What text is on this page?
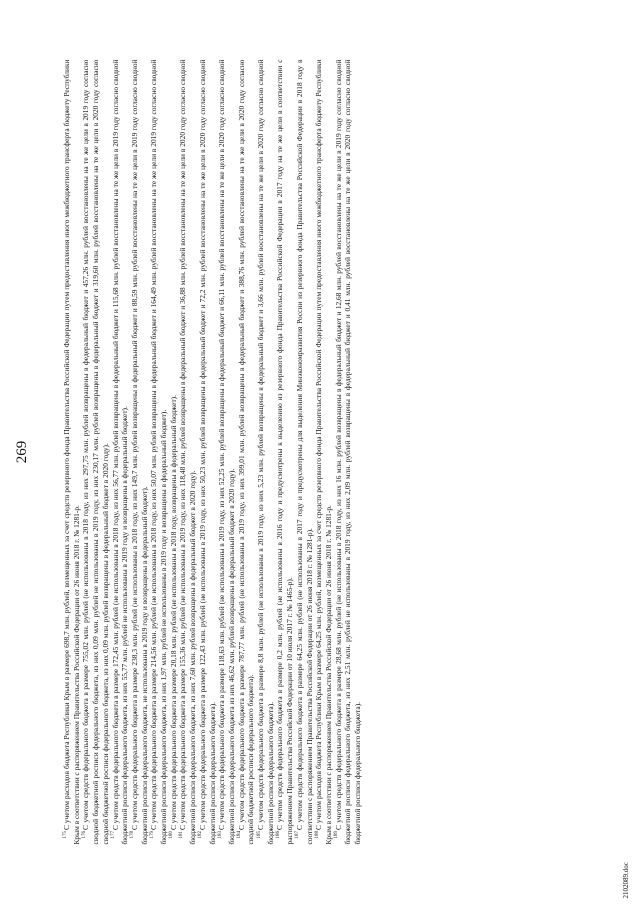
269

$^{175}$С учетом расходов бюджета Республики Крым в размере 698,7 млн. рублей, возмещенных за счет средств резервного фонда Правительства Российской Федерации путем предоставления иного межбюджетного трансферта бюджету Республики Крым в соответствии с распоряжением Правительства Российской Федерации от 26 июня 2018 г. № 1281-р. $^{176}$С учетом средств федерального бюджета в размере 755,02 млн. рублей (не использованы в 2018 году, из них 297,75 млн. рублей возвращены в федеральный бюджет и 457,26 млн. рублей восстановлены на те же цели в 2019 году согласно сводной бюджетной росписи федерального бюджета, из них 0,09 млн. рублей не использованы в 2019 году, из них 230,17 млн. рублей возвращены в федеральный бюджет и 319,60 млн. рублей восстановлены на те же цели в 2020 году согласно сводной бюджетной росписи федерального бюджета, из них 0,09 млн. рублей возвращены в федеральный бюджет в 2020 году). $^{177}$С учетом средств федерального бюджета в размере 172,45 млн. рублей (не использованы в 2018 году, из них 56,77 млн. рублей возвращены в федеральный бюджет и 115,68 млн. рублей восстановлены на те же цели в 2019 году согласно сводной бюджетной росписи федерального бюджета, из них 55,77 млн. рублей не использованы в 2019 году и возвращены в федеральный бюджет). $^{178}$С учетом средств федерального бюджета в размере 238,3 млн. рублей (не использованы в 2018 году, из них 149,7 млн. рублей возвращены в федеральный бюджет и 88,59 млн. рублей восстановлены на те же цели в 2019 году согласно сводной бюджетной росписи федерального бюджета, не использованы в 2019 году и возвращены в федеральный бюджет). $^{179}$С учетом средств федерального бюджета в размере 214,56 млн. рублей (не использованы в 2018 году, из них 50,07 млн. рублей возвращены в федеральный бюджет и 164,49 млн. рублей восстановлены на те же цели в 2019 году согласно сводной бюджетной росписи федерального бюджета, из них 1,97 млн. рублей не использованы в 2019 году и возвращены в федеральный бюджет). $^{180}$С учетом средств федерального бюджета в размере 20,18 млн. рублей (не использованы в 2018 году, возвращены в федеральный бюджет).

$^{181}$С учетом средств федерального бюджета в размере 155,36 млн. рублей (не использованы в 2019 году, из них 118,48 млн. рублей возвращены в федеральный бюджет и 36,88 млн. рублей восстановлены на те же цели в 2020 году согласно сводной бюджетной росписи федерального бюджета, из них 7,60 млн. рублей возвращены в федеральный бюджет в 2020 году). $^{182}$С учетом средств федерального бюджета в размере 122,43 млн. рублей (не использованы в 2019 году, из них 50,23 млн. рублей возвращены в федеральный бюджет и 72,2 млн. рублей восстановлены на те же цели в 2020 году согласно сводной бюджетной росписи федерального бюджета). $^{183}$С учетом средств федерального бюджета в размере 118,63 млн. рублей (не использованы в 2019 году, из них 52,25 млн. рублей возвращены в федеральный бюджет и 66,11 млн. рублей восстановлены на те же цели в 2020 году согласно сводной бюджетной росписи федерального бюджета из них 46,62 млн. рублей возвращены в федеральный бюджет в 2020 году). $^{184}$С учетом средств федерального бюджета в размере 787,77 млн. рублей (не использованы в 2019 году, из них 399,01 млн. рублей возвращены в федеральный бюджет и 388,76 млн. рублей восстановлены на те же цели в 2020 году согласно сводной бюджетной росписи федерального бюджета). $^{185}$С учетом средств федерального бюджета в размере 8,8 млн. рублей (не использованы в 2019 году, из них 5,23 млн. рублей возвращены в федеральный бюджет и 3,66 млн. рублей восстановлены на те же цели в 2020 году согласно сводной бюджетной росписи федерального бюджета). $^{186}$С учетом средств федерального бюджета в размере 0,2 млн. рублей (не использованы в 2016 году и предусмотрены к выделению из резервного фонда Правительства Российской Федерации в 2017 году на те же цели в соответствии с распоряжением Правительства Российской Федерации от 10 июля 2017 г. № 1465-р). $^{187}$С учетом средств федерального бюджета в размере 64,25 млн. рублей (не использованы в 2017 году и предусмотрены для выделения Минэкономразвития России из резервного фонда Правительства Российской Федерации в 2018 году в соответствии с распоряжением Правительства Российской Федерации от 26 июня 2018 г. № 1281-р). $^{188}$С учетом расходов бюджета Республики Крым в размере 64,25 млн. рублей, возмещенных за счет средств резервного фонда Правительства Российской Федерации путем предоставления иного межбюджетного трансферта бюджету Республики Крым в соответствии с распоряжением Правительства Российской Федерации от 26 июня 2018 г. № 1281-р. $^{189}$С учетом средств федерального бюджета в размере 28,68 млн. рублей (не использованы в 2018 году, из них 16 млн. рублей возвращены в федеральный бюджет и 12,68 млн. рублей восстановлены на те же цели в 2019 году согласно сводной бюджетной росписи федерального бюджета, из них 2,51 млн. рублей не использованы в 2019 году, из них 2,09 млн. рублей возвращены в федеральный бюджет и 0,41 млн. рублей восстановлены на те же цели в 2020 году согласно сводной бюджетной росписи федерального бюджета).

2102089.doc
